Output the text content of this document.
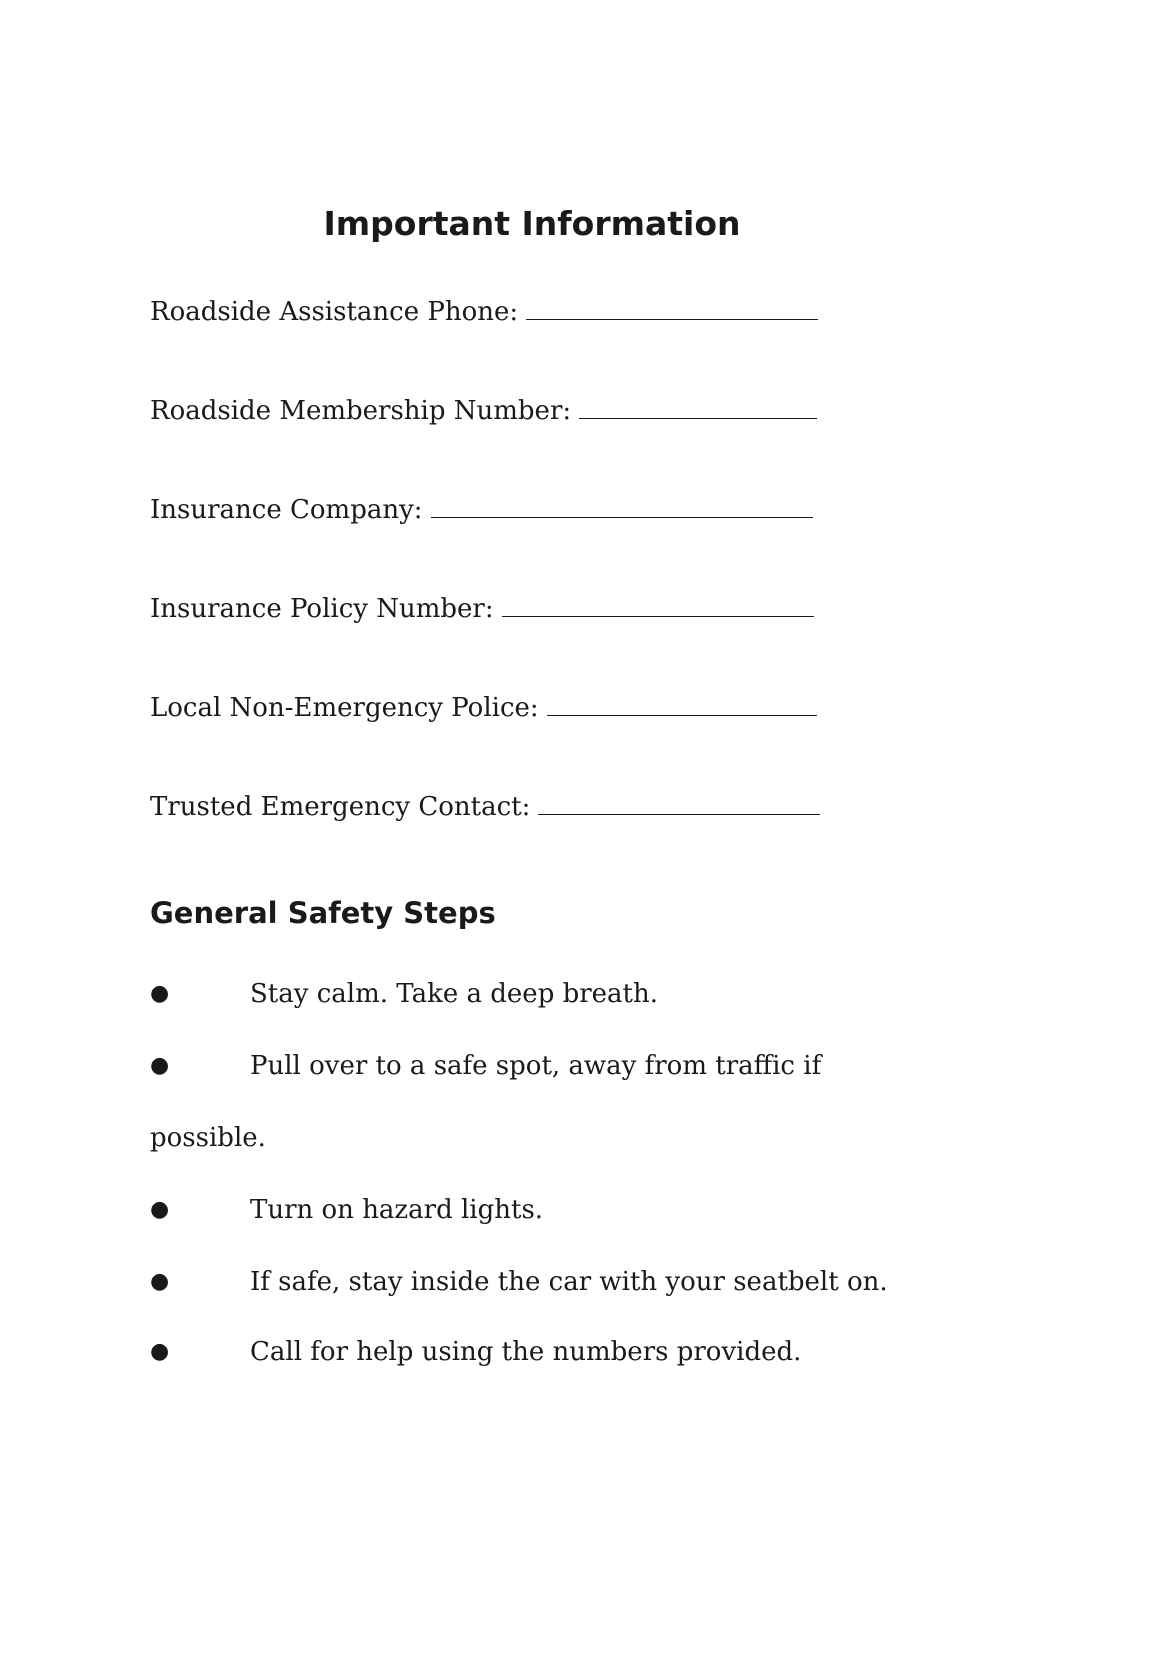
Important Information
Roadside Assistance Phone:
Roadside Membership Number:
Insurance Company:
Insurance Policy Number:
Local Non-Emergency Police:
Trusted Emergency Contact:
General Safety Steps
●	Stay calm. Take a deep breath.
●	Pull over to a safe spot, away from traffic if
possible.
●	Turn on hazard lights.
●	If safe, stay inside the car with your seatbelt on.
●	Call for help using the numbers provided.
